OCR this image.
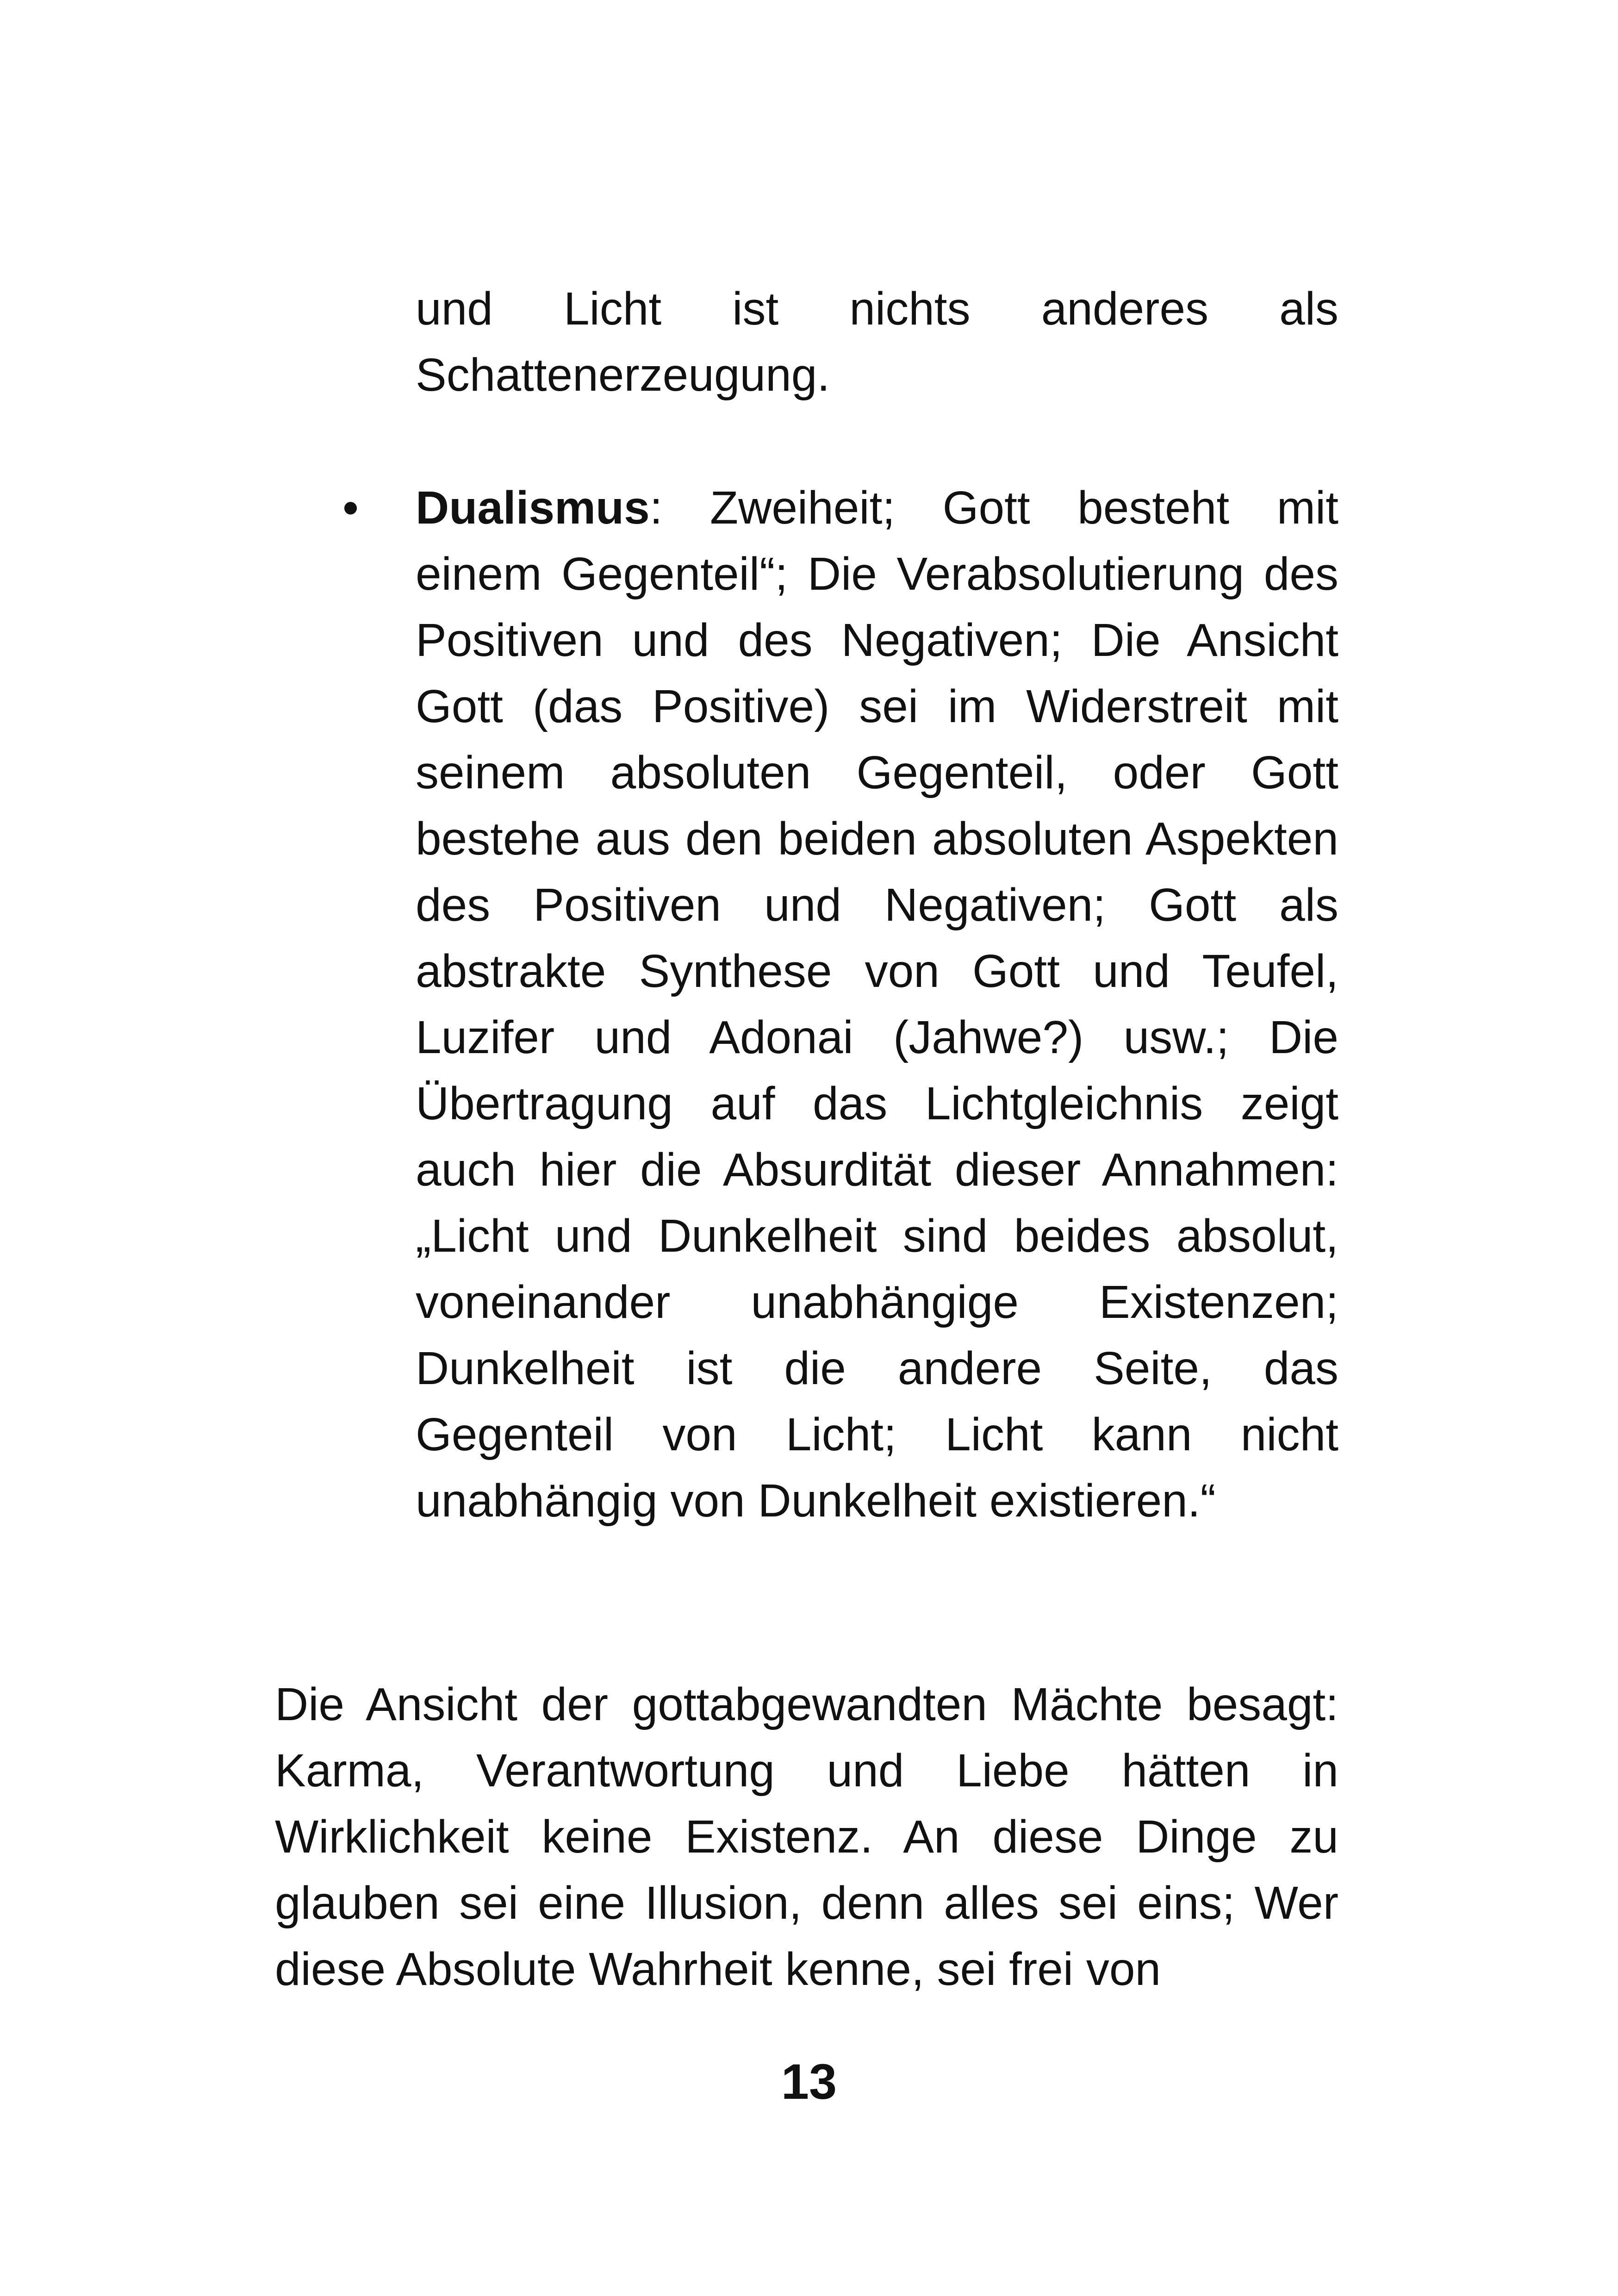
und Licht ist nichts anderes als Schattenerzeugung.

• Dualismus: Zweiheit; Gott besteht mit einem Gegenteil“; Die Verabsolutierung des Positiven und des Negativen; Die Ansicht Gott (das Positive) sei im Widerstreit mit seinem absoluten Gegenteil, oder Gott bestehe aus den beiden absoluten Aspekten des Positiven und Negativen; Gott als abstrakte Synthese von Gott und Teufel, Luzifer und Adonai (Jahwe?) usw.; Die Übertragung auf das Lichtgleichnis zeigt auch hier die Absurdität dieser Annahmen: „Licht und Dunkelheit sind beides absolut, voneinander unabhängige Existenzen; Dunkelheit ist die andere Seite, das Gegenteil von Licht; Licht kann nicht unabhängig von Dunkelheit existieren.“

Die Ansicht der gottabgewandten Mächte besagt: Karma, Verantwortung und Liebe hätten in Wirklichkeit keine Existenz. An diese Dinge zu glauben sei eine Illusion, denn alles sei eins; Wer diese Absolute Wahrheit kenne, sei frei von

13
